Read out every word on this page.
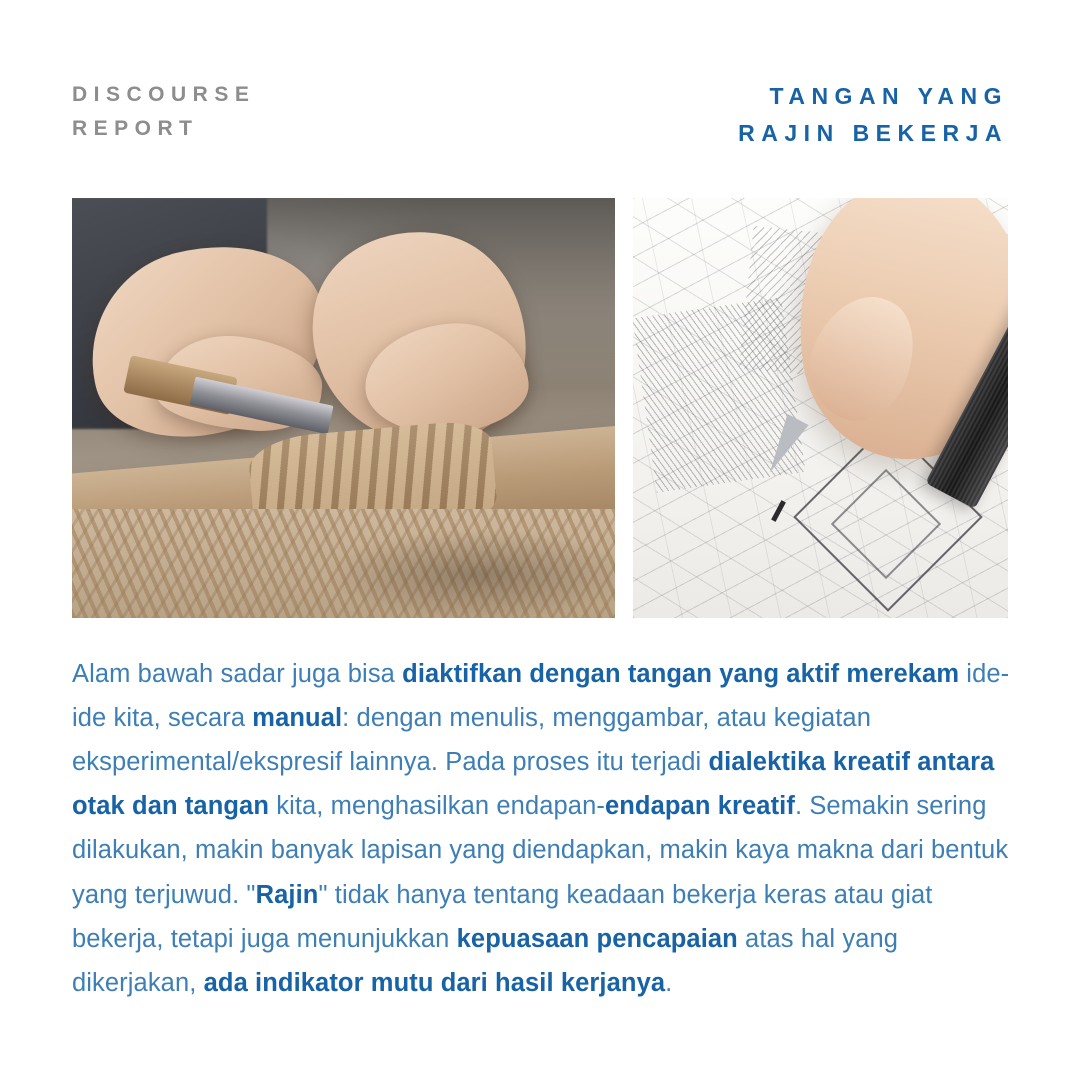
DISCOURSE
REPORT
TANGAN YANG
RAJIN BEKERJA
Alam bawah sadar juga bisa diaktifkan dengan tangan yang aktif merekam ide-ide kita, secara manual: dengan menulis, menggambar, atau kegiatan eksperimental/ekspresif lainnya. Pada proses itu terjadi dialektika kreatif antara otak dan tangan kita, menghasilkan endapan-endapan kreatif. Semakin sering dilakukan, makin banyak lapisan yang diendapkan, makin kaya makna dari bentuk yang terjuwud. "Rajin" tidak hanya tentang keadaan bekerja keras atau giat bekerja, tetapi juga menunjukkan kepuasaan pencapaian atas hal yang dikerjakan, ada indikator mutu dari hasil kerjanya.
